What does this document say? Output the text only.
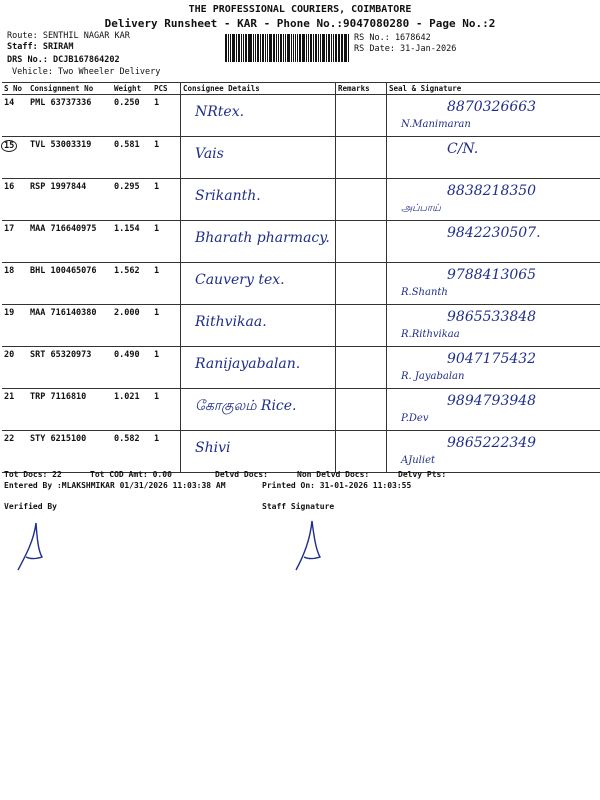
THE PROFESSIONAL COURIERS, COIMBATORE
Delivery Runsheet - KAR - Phone No.:9047080280 - Page No.:2
Route: SENTHIL NAGAR KAR
Staff: SRIRAM
DRS No.: DCJB167864202
Vehicle: Two Wheeler Delivery
RS No.: 1678642
RS Date: 31-Jan-2026
S No	Consignment No	Weight	PCS	Consignee Details	Remarks	Seal & Signature
14	PML 63737336	0.250	1	NRtex.		8870326663
N.Manimaran

15	TVL 53003319	0.581	1	Vais		C/N.

16	RSP 1997844	0.295	1	Srikanth.		8838218350
அப்பாய்

17	MAA 716640975	1.154	1	Bharath pharmacy.		9842230507.

18	BHL 100465076	1.562	1	Cauvery tex.		9788413065
R.Shanth

19	MAA 716140380	2.000	1	Rithvikaa.		9865533848
R.Rithvikaa

20	SRT 65320973	0.490	1	Ranijayabalan.		9047175432
R. Jayabalan

21	TRP 7116810	1.021	1	கோகுலம் Rice.		9894793948
P.Dev

22	STY 6215100	0.582	1	Shivi		9865222349
AJuliet
Tot Docs: 22	Tot COD Amt: 0.00	Delvd Docs:	Non Delvd Docs:	Delvy Pts:
Entered By :MLAKSHMIKAR 01/31/2026 11:03:38 AM	Printed On: 31-01-2026 11:03:55
Verified By	Staff Signature
